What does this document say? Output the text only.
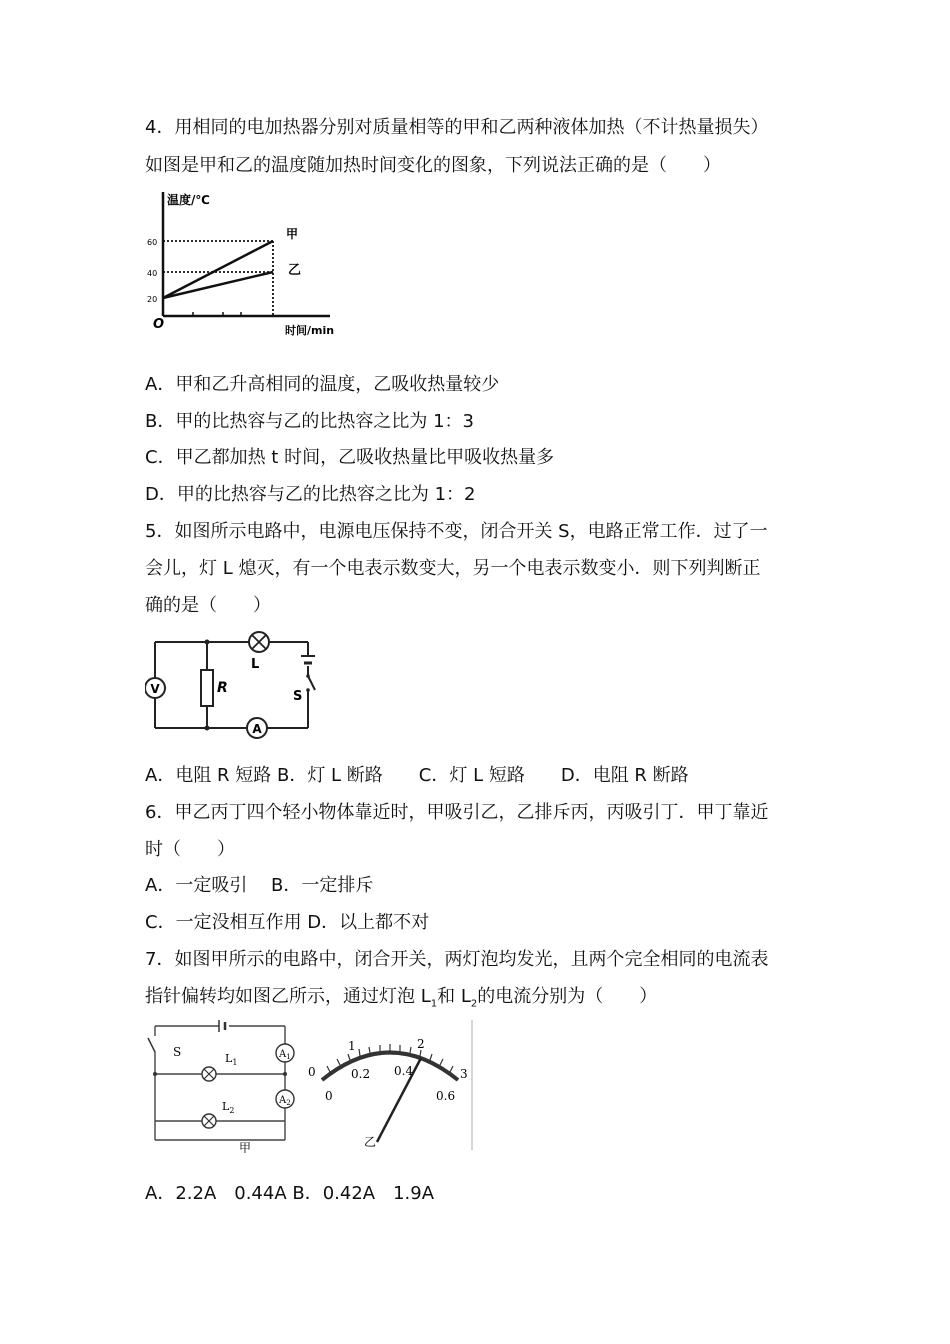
4．用相同的电加热器分别对质量相等的甲和乙两种液体加热（不计热量损失）
如图是甲和乙的温度随加热时间变化的图象，下列说法正确的是（　　）
温度/℃
60
40
20
O
甲
乙
时间/min
A．甲和乙升高相同的温度，乙吸收热量较少
B．甲的比热容与乙的比热容之比为 1：3
C．甲乙都加热 t 时间，乙吸收热量比甲吸收热量多
D．甲的比热容与乙的比热容之比为 1：2
5．如图所示电路中，电源电压保持不变，闭合开关 S，电路正常工作．过了一
会儿，灯 L 熄灭，有一个电表示数变大，另一个电表示数变小．则下列判断正
确的是（　　）
V
A
R
L
S
A．电阻 R 短路 B．灯 L 断路　　C．灯 L 短路　　D．电阻 R 断路
6．甲乙丙丁四个轻小物体靠近时，甲吸引乙，乙排斥丙，丙吸引丁．甲丁靠近
时（　　）
A．一定吸引　 B．一定排斥
C．一定没相互作用 D．以上都不对
7．如图甲所示的电路中，闭合开关，两灯泡均发光，且两个完全相同的电流表
指针偏转均如图乙所示，通过灯泡 $L_1$和 $L_2$的电流分别为（　　）
$A_1$
$A_2$
S	$L_1$
$L_2$
甲
0
1	2
3
0
0.2 0.4
0.6
乙
A．2.2A　0.44A B．0.42A　1.9A
